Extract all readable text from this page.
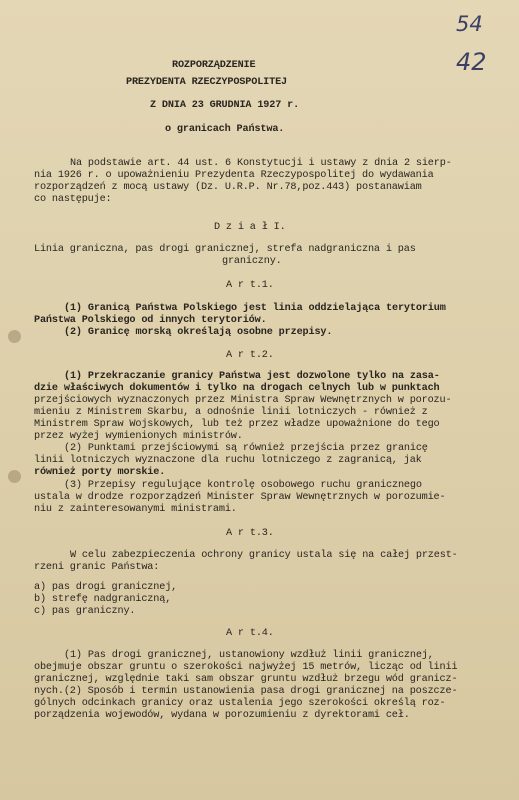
54
42
ROZPORZĄDZENIE
PREZYDENTA RZECZYPOSPOLITEJ
Z DNIA 23 GRUDNIA 1927 r.
o granicach Państwa.
Na podstawie art. 44 ust. 6 Konstytucji i ustawy z dnia 2 sierp-
nia 1926 r. o upoważnieniu Prezydenta Rzeczypospolitej do wydawania
rozporządzeń z mocą ustawy (Dz. U.R.P. Nr.78,poz.443) postanawiam
co następuje:
D z i a ł I.
Linia graniczna, pas drogi granicznej, strefa nadgraniczna i pas
graniczny.
A r t.1.
(1) Granicą Państwa Polskiego jest linia oddzielająca terytorium
Państwa Polskiego od innych terytoriów.
(2) Granicę morską określają osobne przepisy.
A r t.2.
(1) Przekraczanie granicy Państwa jest dozwolone tylko na zasa-
dzie właściwych dokumentów i tylko na drogach celnych lub w punktach
przejściowych wyznaczonych przez Ministra Spraw Wewnętrznych w porozu-
mieniu z Ministrem Skarbu, a odnośnie linii lotniczych - również z
Ministrem Spraw Wojskowych, lub też przez władze upoważnione do tego
przez wyżej wymienionych ministrów.
(2) Punktami przejściowymi są również przejścia przez granicę
linii lotniczych wyznaczone dla ruchu lotniczego z zagranicą, jak
również porty morskie.
(3) Przepisy regulujące kontrolę osobowego ruchu granicznego
ustala w drodze rozporządzeń Minister Spraw Wewnętrznych w porozumie-
niu z zainteresowanymi ministrami.
A r t.3.
W celu zabezpieczenia ochrony granicy ustala się na całej przest-
rzeni granic Państwa:
a) pas drogi granicznej,
b) strefę nadgraniczną,
c) pas graniczny.
A r t.4.
(1) Pas drogi granicznej, ustanowiony wzdłuż linii granicznej,
obejmuje obszar gruntu o szerokości najwyżej 15 metrów, licząc od linii
granicznej, względnie taki sam obszar gruntu wzdłuż brzegu wód granicz-
nych.(2) Sposób i termin ustanowienia pasa drogi granicznej na poszcze-
gólnych odcinkach granicy oraz ustalenia jego szerokości określą roz-
porządzenia wojewodów, wydana w porozumieniu z dyrektorami ceł.
